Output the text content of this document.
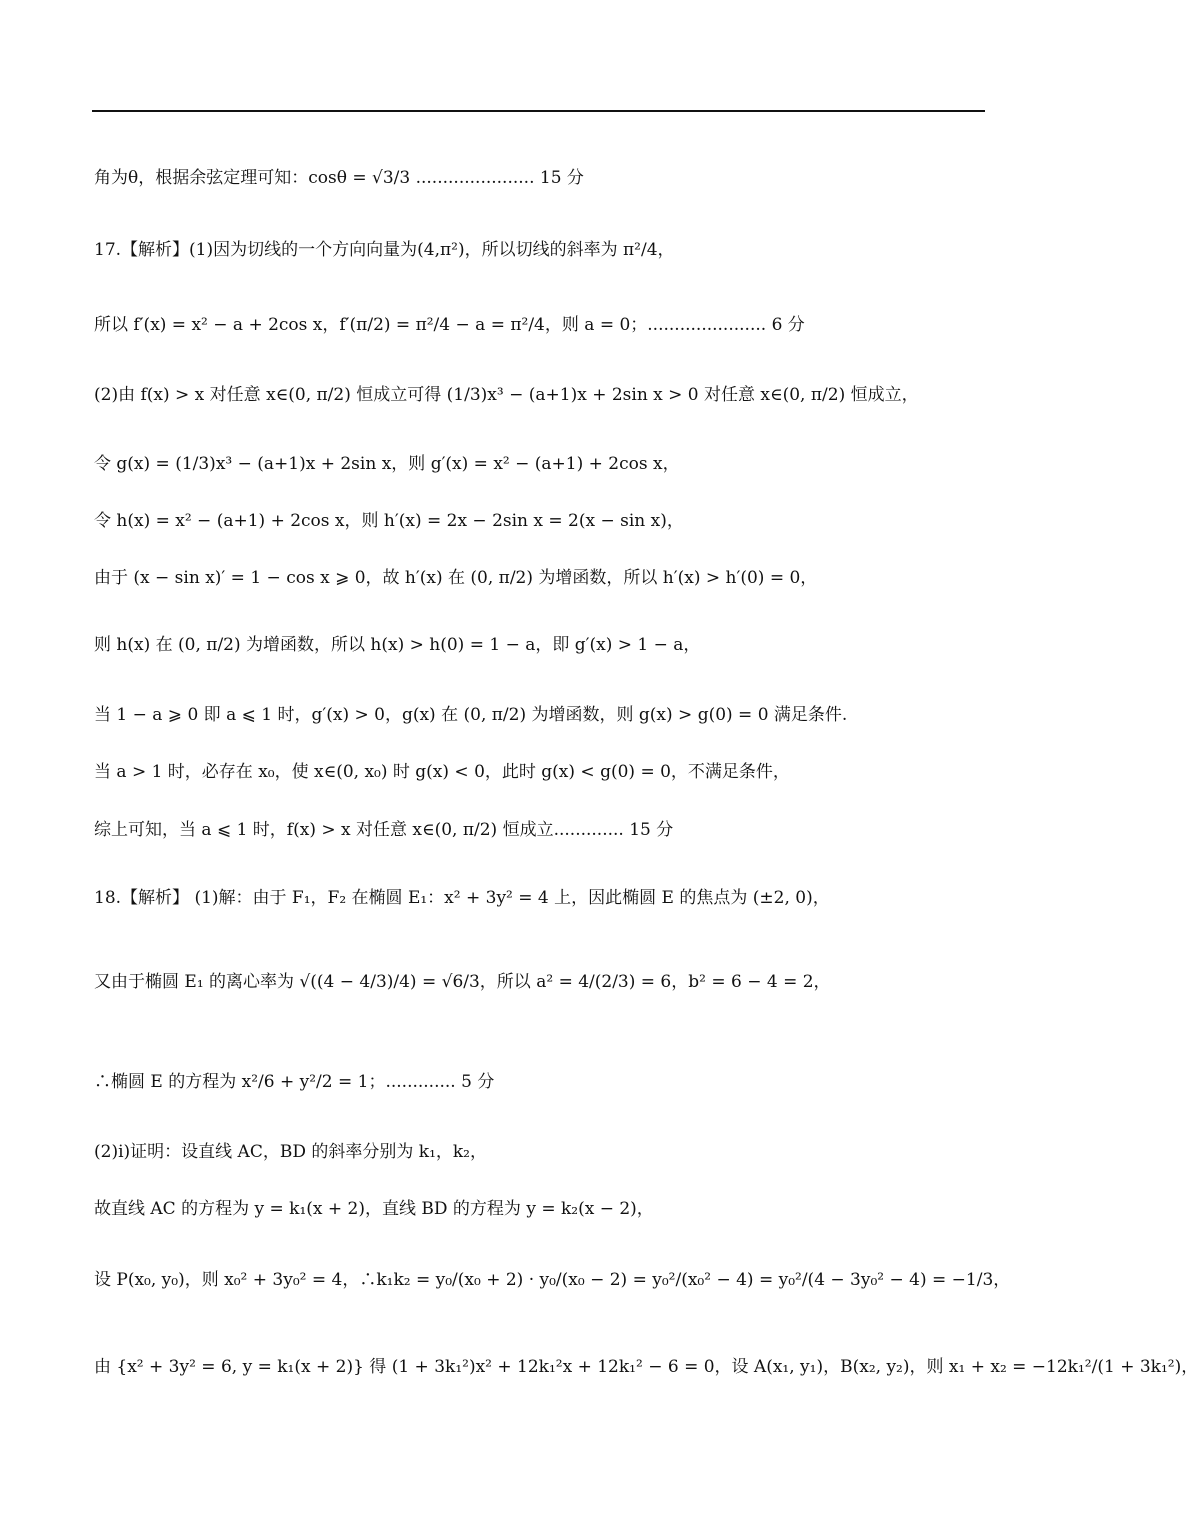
角为θ，根据余弦定理可知：cosθ = √3/3 ...................... 15 分
17.【解析】(1)因为切线的一个方向向量为(4,π²)，所以切线的斜率为 π²/4，
所以 f′(x) = x² − a + 2cos x，f′(π/2) = π²/4 − a = π²/4，则 a = 0；...................... 6 分
(2)由 f(x) > x 对任意 x∈(0, π/2) 恒成立可得 (1/3)x³ − (a+1)x + 2sin x > 0 对任意 x∈(0, π/2) 恒成立，
令 g(x) = (1/3)x³ − (a+1)x + 2sin x，则 g′(x) = x² − (a+1) + 2cos x，
令 h(x) = x² − (a+1) + 2cos x，则 h′(x) = 2x − 2sin x = 2(x − sin x)，
由于 (x − sin x)′ = 1 − cos x ⩾ 0，故 h′(x) 在 (0, π/2) 为增函数，所以 h′(x) > h′(0) = 0，
则 h(x) 在 (0, π/2) 为增函数，所以 h(x) > h(0) = 1 − a，即 g′(x) > 1 − a，
当 1 − a ⩾ 0 即 a ⩽ 1 时，g′(x) > 0，g(x) 在 (0, π/2) 为增函数，则 g(x) > g(0) = 0 满足条件.
当 a > 1 时，必存在 x₀，使 x∈(0, x₀) 时 g(x) < 0，此时 g(x) < g(0) = 0，不满足条件，
综上可知，当 a ⩽ 1 时，f(x) > x 对任意 x∈(0, π/2) 恒成立............. 15 分
18.【解析】 (1)解：由于 F₁，F₂ 在椭圆 E₁：x² + 3y² = 4 上，因此椭圆 E 的焦点为 (±2, 0)，
又由于椭圆 E₁ 的离心率为 √((4 − 4/3)/4) = √6/3，所以 a² = 4/(2/3) = 6，b² = 6 − 4 = 2，
∴椭圆 E 的方程为 x²/6 + y²/2 = 1；............. 5 分
(2)i)证明：设直线 AC，BD 的斜率分别为 k₁，k₂，
故直线 AC 的方程为 y = k₁(x + 2)，直线 BD 的方程为 y = k₂(x − 2)，
设 P(x₀, y₀)，则 x₀² + 3y₀² = 4，∴k₁k₂ = y₀/(x₀ + 2) · y₀/(x₀ − 2) = y₀²/(x₀² − 4) = y₀²/(4 − 3y₀² − 4) = −1/3，
由 {x² + 3y² = 6, y = k₁(x + 2)} 得 (1 + 3k₁²)x² + 12k₁²x + 12k₁² − 6 = 0，设 A(x₁, y₁)，B(x₂, y₂)，则 x₁ + x₂ = −12k₁²/(1 + 3k₁²)，
